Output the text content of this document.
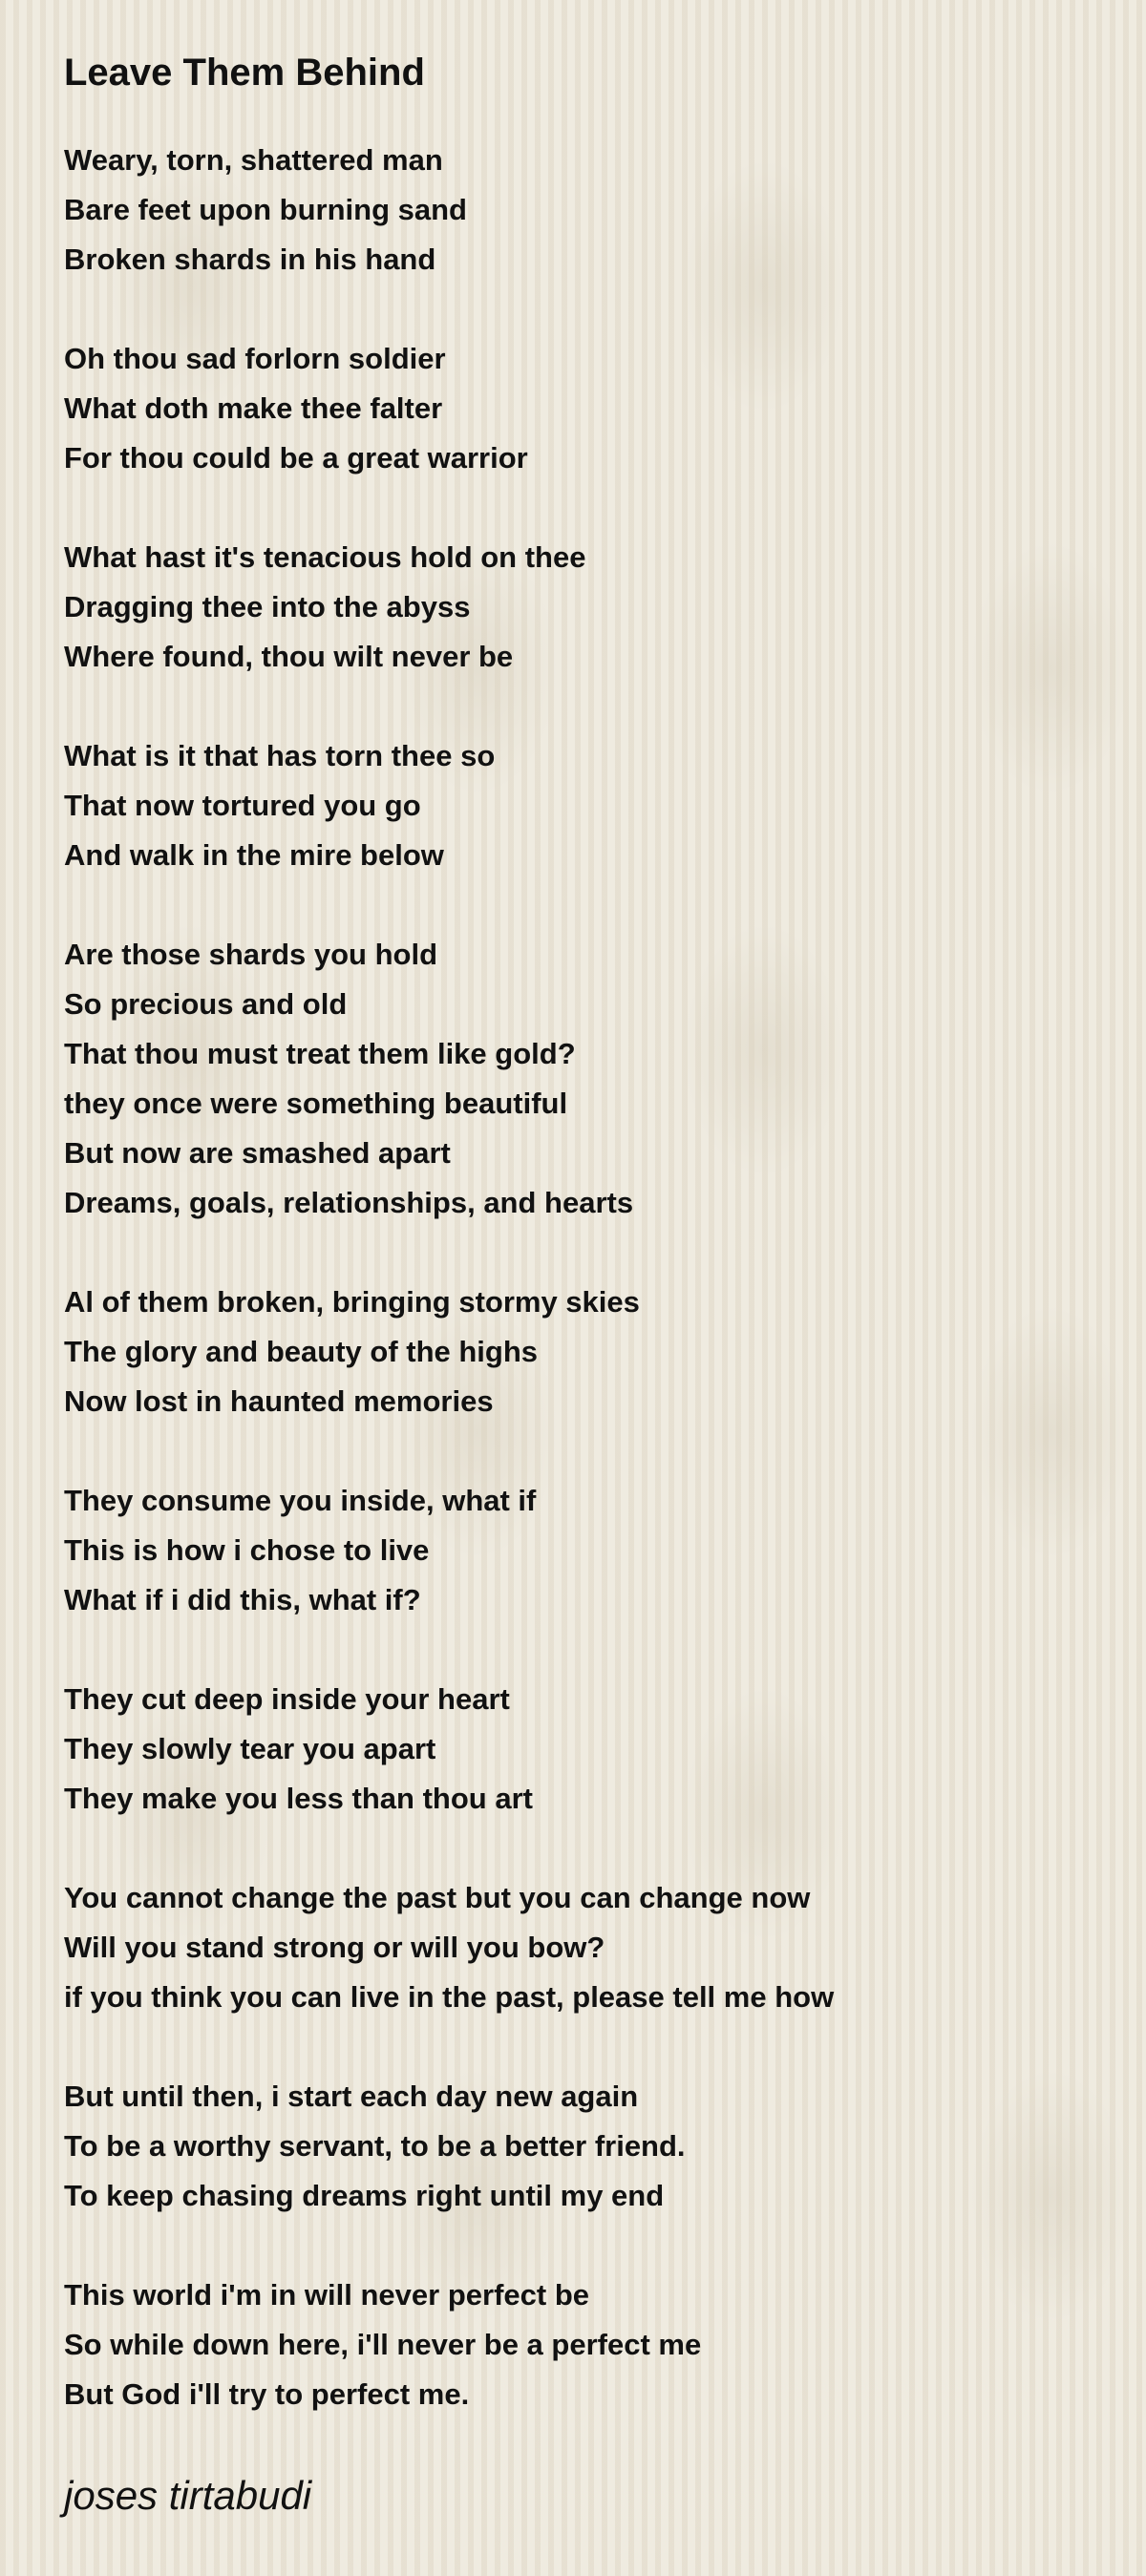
Leave Them Behind
Weary, torn, shattered man
Bare feet upon burning sand
Broken shards in his hand
Oh thou sad forlorn soldier
What doth make thee falter
For thou could be a great warrior
What hast it's tenacious hold on thee
Dragging thee into the abyss
Where found, thou wilt never be
What is it that has torn thee so
That now tortured you go
And walk in the mire below
Are those shards you hold
So precious and old
That thou must treat them like gold?
they once were something beautiful
But now are smashed apart
Dreams, goals, relationships, and hearts
Al of them broken, bringing stormy skies
The glory and beauty of the highs
Now lost in haunted memories
They consume you inside, what if
This is how i chose to live
What if i did this, what if?
They cut deep inside your heart
They slowly tear you apart
They make you less than thou art
You cannot change the past but you can change now
Will you stand strong or will you bow?
if you think you can live in the past, please tell me how
But until then, i start each day new again
To be a worthy servant, to be a better friend.
To keep chasing dreams right until my end
This world i'm in will never perfect be
So while down here, i'll never be a perfect me
But God i'll try to perfect me.
joses tirtabudi
